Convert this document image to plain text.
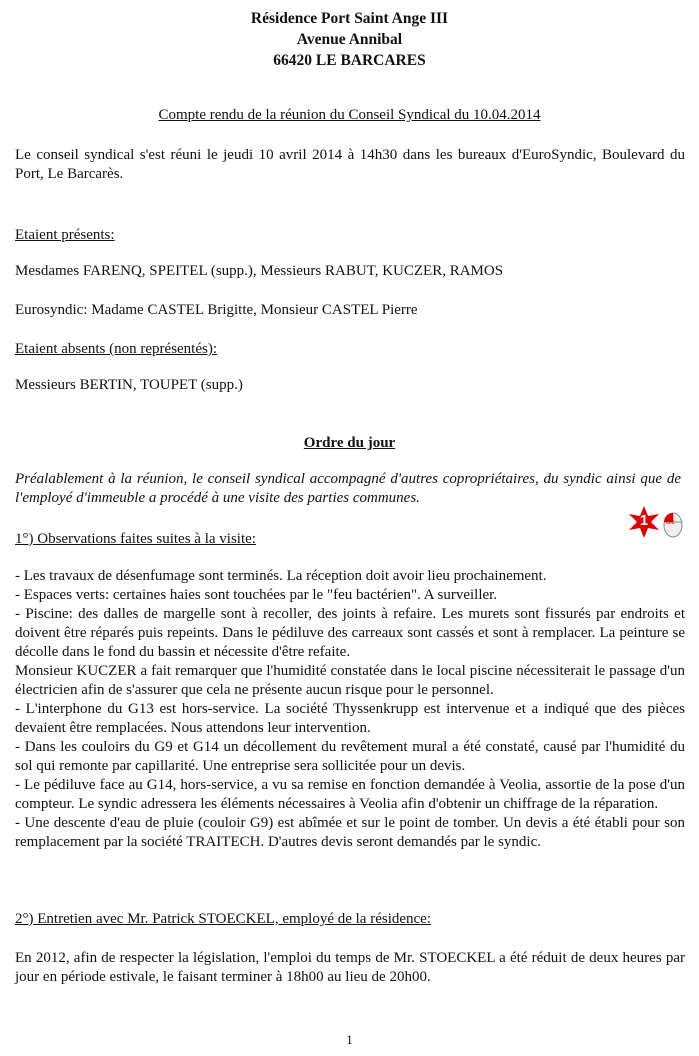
Résidence Port Saint Ange III
Avenue Annibal
66420 LE BARCARES
Compte rendu de la réunion du Conseil Syndical du 10.04.2014
Le conseil syndical s'est réuni le jeudi 10 avril 2014 à 14h30 dans les bureaux d'EuroSyndic, Boulevard du Port, Le Barcarès.
Etaient présents:
Mesdames FARENQ, SPEITEL (supp.), Messieurs RABUT, KUCZER, RAMOS
Eurosyndic: Madame CASTEL Brigitte, Monsieur CASTEL Pierre
Etaient absents (non représentés):
Messieurs BERTIN, TOUPET (supp.)
Ordre du jour
Préalablement à la réunion, le conseil syndical accompagné d'autres copropriétaires, du syndic ainsi que de l'employé d'immeuble a procédé à une visite des parties communes.
1°) Observations faites suites à la visite:
1	clic
- Les travaux de désenfumage sont terminés. La réception doit avoir lieu prochainement.
- Espaces verts: certaines haies sont touchées par le "feu bactérien". A surveiller.
- Piscine: des dalles de margelle sont à recoller, des joints à refaire. Les murets sont fissurés par endroits et doivent être réparés puis repeints. Dans le pédiluve des carreaux sont cassés et sont à remplacer. La peinture se décolle dans le fond du bassin et nécessite d'être refaite.
Monsieur KUCZER a fait remarquer que l'humidité constatée dans le local piscine nécessiterait le passage d'un électricien afin de s'assurer que cela ne présente aucun risque pour le personnel.
- L'interphone du G13 est hors-service. La société Thyssenkrupp est intervenue et a indiqué que des pièces devaient être remplacées. Nous attendons leur intervention.
- Dans les couloirs du G9 et G14 un décollement du revêtement mural a été constaté, causé par l'humidité du sol qui remonte par capillarité. Une entreprise sera sollicitée pour un devis.
- Le pédiluve face au G14, hors-service, a vu sa remise en fonction demandée à Veolia, assortie de la pose d'un compteur. Le syndic adressera les éléments nécessaires à Veolia afin d'obtenir un chiffrage de la réparation.
- Une descente d'eau de pluie (couloir G9) est abîmée et sur le point de tomber. Un devis a été établi pour son remplacement par la société TRAITECH. D'autres devis seront demandés par le syndic.
2°) Entretien avec Mr. Patrick STOECKEL, employé de la résidence:
En 2012, afin de respecter la législation, l'emploi du temps de Mr. STOECKEL a été réduit de deux heures par jour en période estivale, le faisant terminer à 18h00 au lieu de 20h00.
1
